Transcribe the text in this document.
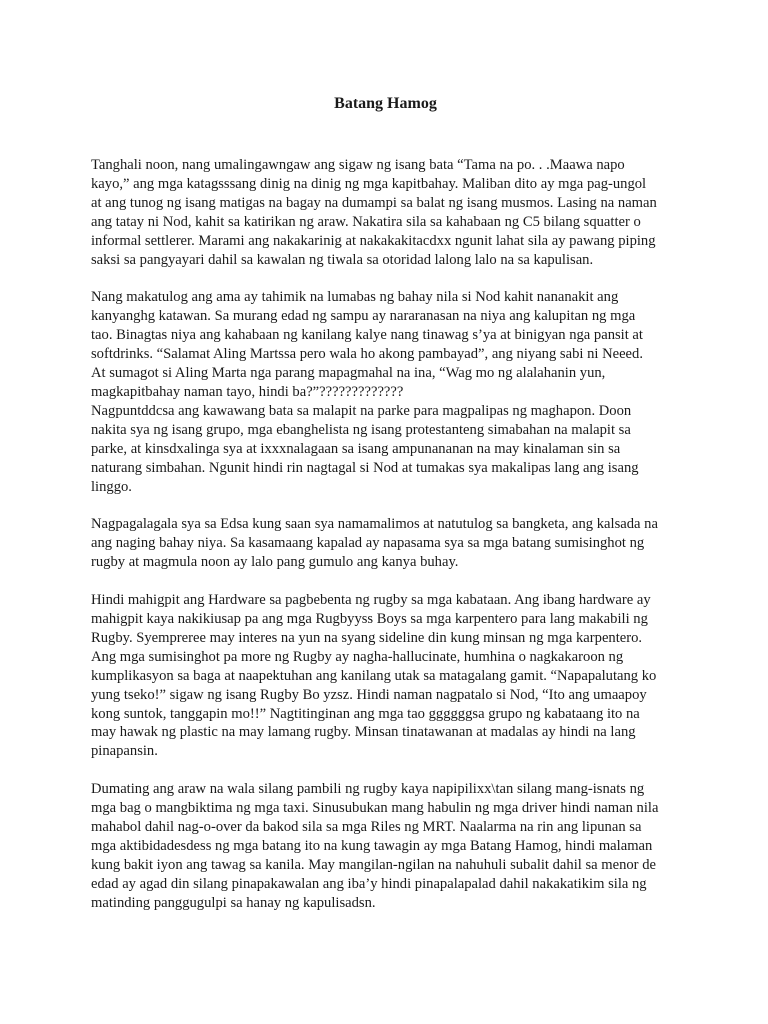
Batang Hamog
Tanghali noon, nang umalingawngaw ang sigaw ng isang bata “Tama na po. . .Maawa napo
kayo,” ang mga katagsssang dinig na dinig ng mga kapitbahay. Maliban dito ay mga pag-ungol
at ang tunog ng isang matigas na bagay na dumampi sa balat ng isang musmos. Lasing na naman
ang tatay ni Nod, kahit sa katirikan ng araw. Nakatira sila sa kahabaan ng C5 bilang squatter o
informal settlerer. Marami ang nakakarinig at nakakakitacdxx ngunit lahat sila ay pawang piping
saksi sa pangyayari dahil sa kawalan ng tiwala sa otoridad lalong lalo na sa kapulisan.
Nang makatulog ang ama ay tahimik na lumabas ng bahay nila si Nod kahit nananakit ang
kanyanghg katawan. Sa murang edad ng sampu ay nararanasan na niya ang kalupitan ng mga
tao. Binagtas niya ang kahabaan ng kanilang kalye nang tinawag s’ya at binigyan nga pansit at
softdrinks. “Salamat Aling Martssa pero wala ho akong pambayad”, ang niyang sabi ni Neeed.
At sumagot si Aling Marta nga parang mapagmahal na ina, “Wag mo ng alalahanin yun,
magkapitbahay naman tayo, hindi ba?”?????????????
Nagpuntddcsa ang kawawang bata sa malapit na parke para magpalipas ng maghapon. Doon
nakita sya ng isang grupo, mga ebanghelista ng isang protestanteng simabahan na malapit sa
parke, at kinsdxalinga sya at ixxxnalagaan sa isang ampunananan na may kinalaman sin sa
naturang simbahan. Ngunit hindi rin nagtagal si Nod at tumakas sya makalipas lang ang isang
linggo.
Nagpagalagala sya sa Edsa kung saan sya namamalimos at natutulog sa bangketa, ang kalsada na
ang naging bahay niya. Sa kasamaang kapalad ay napasama sya sa mga batang sumisinghot ng
rugby at magmula noon ay lalo pang gumulo ang kanya buhay.
Hindi mahigpit ang Hardware sa pagbebenta ng rugby sa mga kabataan. Ang ibang hardware ay
mahigpit kaya nakikiusap pa ang mga Rugbyyss Boys sa mga karpentero para lang makabili ng
Rugby. Syempreree may interes na yun na syang sideline din kung minsan ng mga karpentero.
Ang mga sumisinghot pa more ng Rugby ay nagha-hallucinate, humhina o nagkakaroon ng
kumplikasyon sa baga at naapektuhan ang kanilang utak sa matagalang gamit. “Napapalutang ko
yung tseko!” sigaw ng isang Rugby Bo yzsz. Hindi naman nagpatalo si Nod, “Ito ang umaapoy
kong suntok, tanggapin mo!!” Nagtitinginan ang mga tao ggggggsa grupo ng kabataang ito na
may hawak ng plastic na may lamang rugby. Minsan tinatawanan at madalas ay hindi na lang
pinapansin.
Dumating ang araw na wala silang pambili ng rugby kaya napipilixx\tan silang mang-isnats ng
mga bag o mangbiktima ng mga taxi. Sinusubukan mang habulin ng mga driver hindi naman nila
mahabol dahil nag-o-over da bakod sila sa mga Riles ng MRT. Naalarma na rin ang lipunan sa
mga aktibidadesdess ng mga batang ito na kung tawagin ay mga Batang Hamog, hindi malaman
kung bakit iyon ang tawag sa kanila. May mangilan-ngilan na nahuhuli subalit dahil sa menor de
edad ay agad din silang pinapakawalan ang iba’y hindi pinapalapalad dahil nakakatikim sila ng
matinding panggugulpi sa hanay ng kapulisadsn.
